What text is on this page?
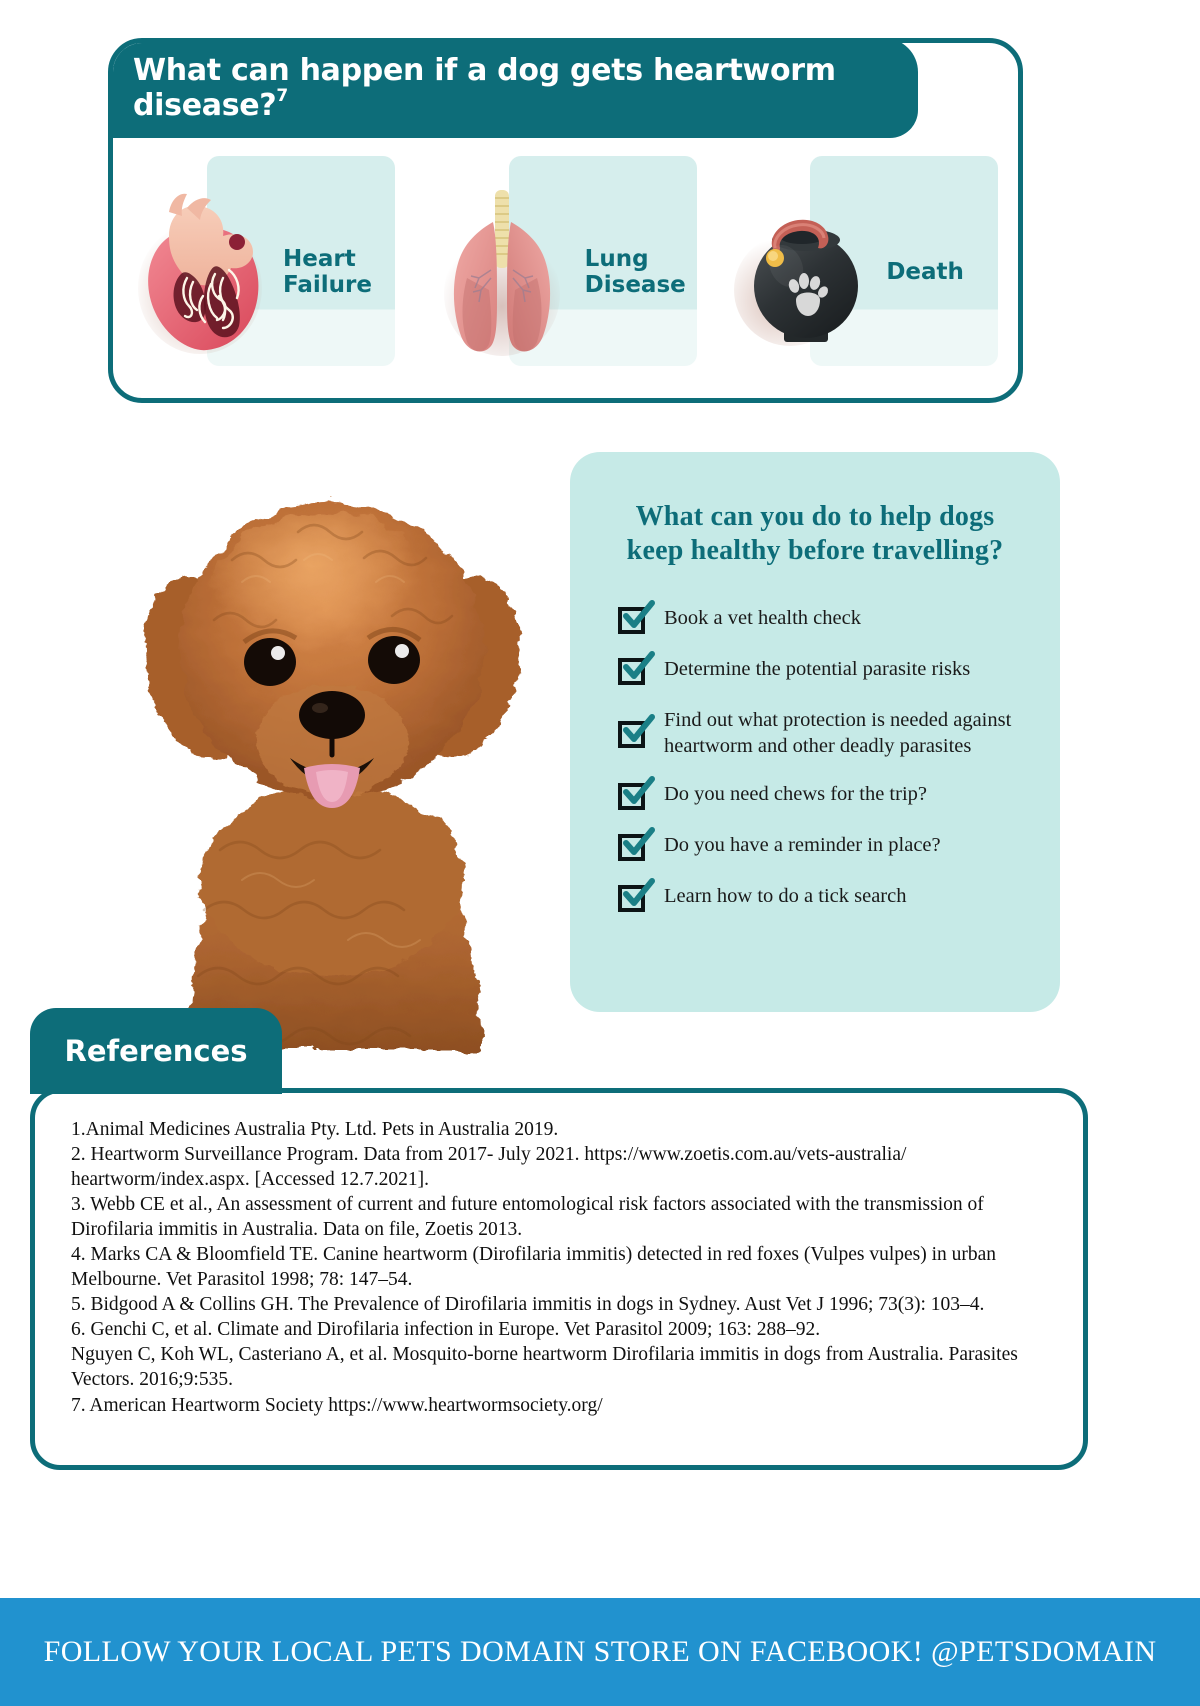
What can happen if a dog gets heartworm disease?$^7$
Heart
Failure
Lung
Disease	Death
What can you do to help dogs keep healthy before travelling?
Book a vet health check
Determine the potential parasite risks
Find out what protection is needed against heartworm and other deadly parasites
Do you need chews for the trip?
Do you have a reminder in place?
Learn how to do a tick search

1.Animal Medicines Australia Pty. Ltd. Pets in Australia 2019.

2. Heartworm Surveillance Program. Data from 2017- July 2021. https://www.zoetis.com.au/vets-australia/ heartworm/index.aspx. [Accessed 12.7.2021].

3. Webb CE et al., An assessment of current and future entomological risk factors associated with the transmission of Dirofilaria immitis in Australia. Data on file, Zoetis 2013.

4. Marks CA & Bloomfield TE. Canine heartworm (Dirofilaria immitis) detected in red foxes (Vulpes vulpes) in urban Melbourne. Vet Parasitol 1998; 78: 147–54.

5. Bidgood A & Collins GH. The Prevalence of Dirofilaria immitis in dogs in Sydney. Aust Vet J 1996; 73(3): 103–4.

6. Genchi C, et al. Climate and Dirofilaria infection in Europe. Vet Parasitol 2009; 163: 288–92.

Nguyen C, Koh WL, Casteriano A, et al. Mosquito-borne heartworm Dirofilaria immitis in dogs from Australia. Parasites Vectors. 2016;9:535.

7. American Heartworm Society https://www.heartwormsociety.org/

References
FOLLOW YOUR LOCAL PETS DOMAIN STORE ON FACEBOOK! @PETSDOMAIN
